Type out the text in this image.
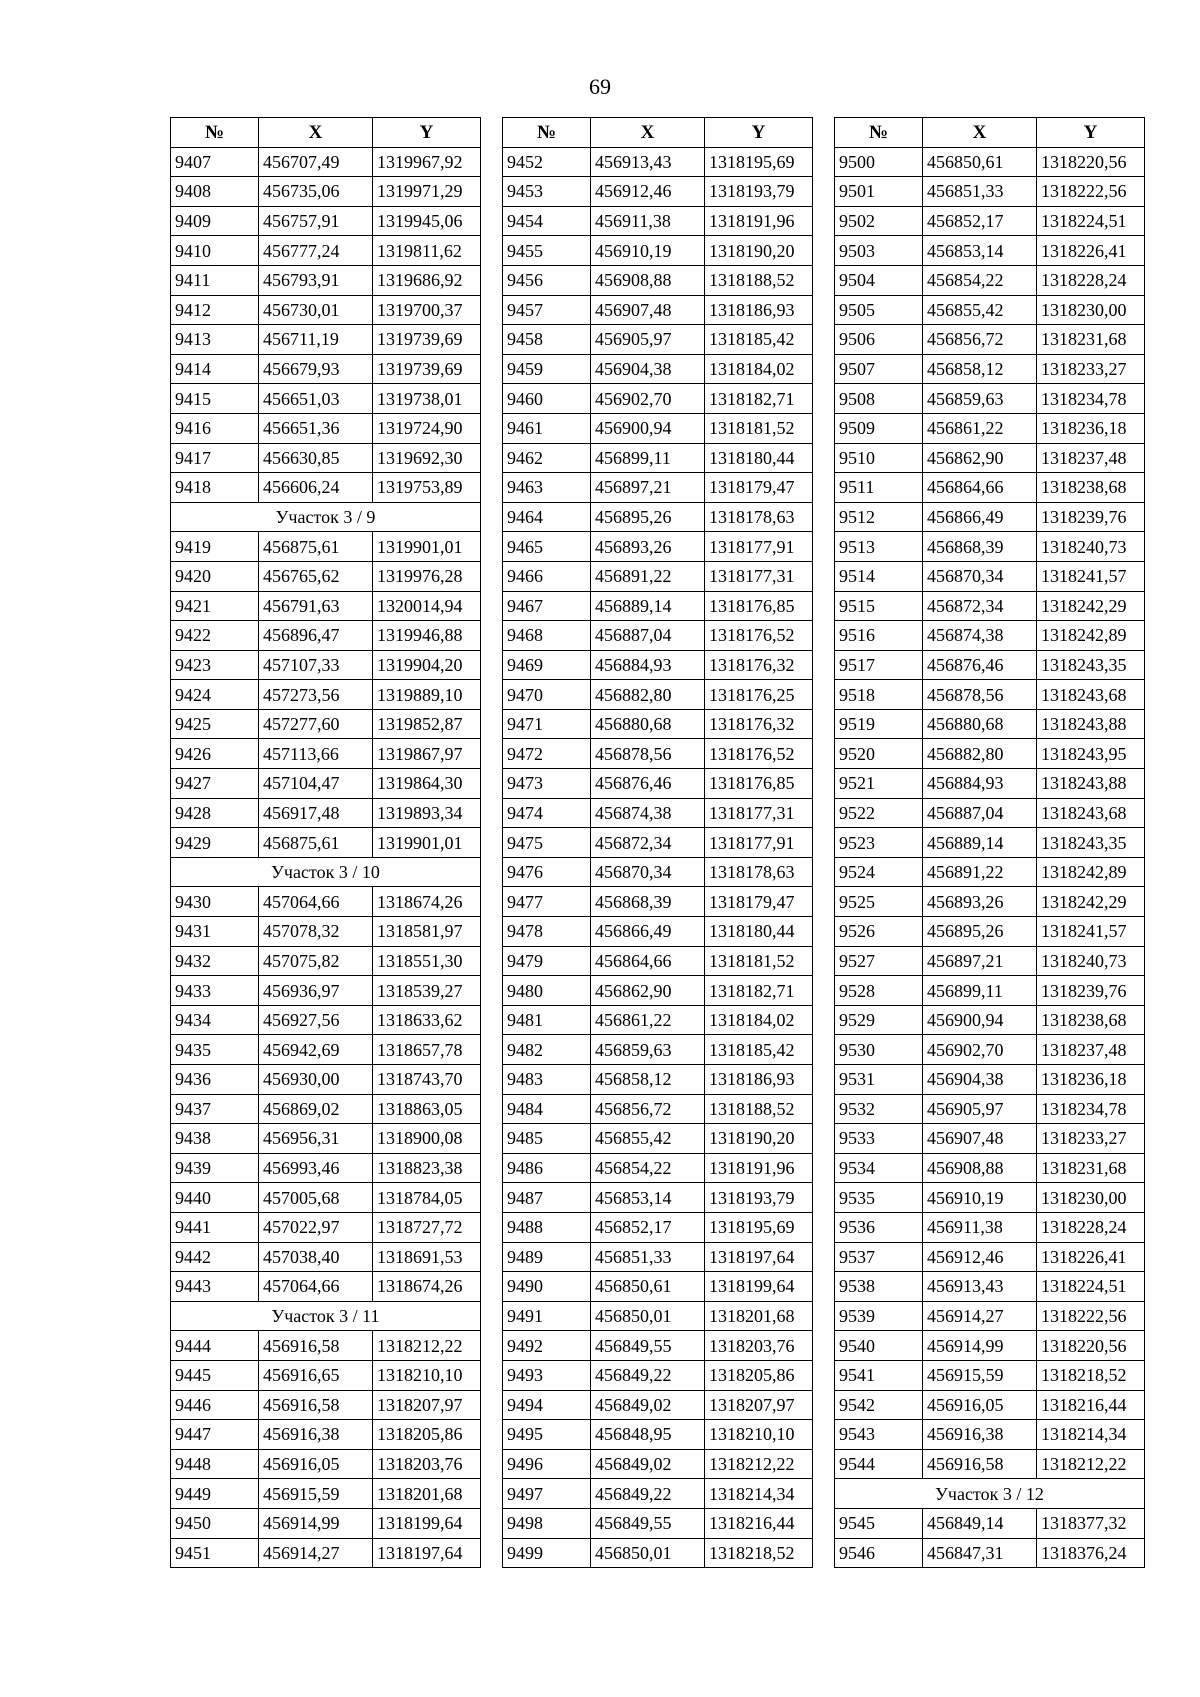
69
№	X	Y
9407	456707,49	1319967,92
9408	456735,06	1319971,29
9409	456757,91	1319945,06
9410	456777,24	1319811,62
9411	456793,91	1319686,92
9412	456730,01	1319700,37
9413	456711,19	1319739,69
9414	456679,93	1319739,69
9415	456651,03	1319738,01
9416	456651,36	1319724,90
9417	456630,85	1319692,30
9418	456606,24	1319753,89
Участок 3 / 9		
9419	456875,61	1319901,01
9420	456765,62	1319976,28
9421	456791,63	1320014,94
9422	456896,47	1319946,88
9423	457107,33	1319904,20
9424	457273,56	1319889,10
9425	457277,60	1319852,87
9426	457113,66	1319867,97
9427	457104,47	1319864,30
9428	456917,48	1319893,34
9429	456875,61	1319901,01
Участок 3 / 10		
9430	457064,66	1318674,26
9431	457078,32	1318581,97
9432	457075,82	1318551,30
9433	456936,97	1318539,27
9434	456927,56	1318633,62
9435	456942,69	1318657,78
9436	456930,00	1318743,70
9437	456869,02	1318863,05
9438	456956,31	1318900,08
9439	456993,46	1318823,38
9440	457005,68	1318784,05
9441	457022,97	1318727,72
9442	457038,40	1318691,53
9443	457064,66	1318674,26
Участок 3 / 11		
9444	456916,58	1318212,22
9445	456916,65	1318210,10
9446	456916,58	1318207,97
9447	456916,38	1318205,86
9448	456916,05	1318203,76
9449	456915,59	1318201,68
9450	456914,99	1318199,64
9451	456914,27	1318197,64
№	X	Y
9452	456913,43	1318195,69
9453	456912,46	1318193,79
9454	456911,38	1318191,96
9455	456910,19	1318190,20
9456	456908,88	1318188,52
9457	456907,48	1318186,93
9458	456905,97	1318185,42
9459	456904,38	1318184,02
9460	456902,70	1318182,71
9461	456900,94	1318181,52
9462	456899,11	1318180,44
9463	456897,21	1318179,47
9464	456895,26	1318178,63
9465	456893,26	1318177,91
9466	456891,22	1318177,31
9467	456889,14	1318176,85
9468	456887,04	1318176,52
9469	456884,93	1318176,32
9470	456882,80	1318176,25
9471	456880,68	1318176,32
9472	456878,56	1318176,52
9473	456876,46	1318176,85
9474	456874,38	1318177,31
9475	456872,34	1318177,91
9476	456870,34	1318178,63
9477	456868,39	1318179,47
9478	456866,49	1318180,44
9479	456864,66	1318181,52
9480	456862,90	1318182,71
9481	456861,22	1318184,02
9482	456859,63	1318185,42
9483	456858,12	1318186,93
9484	456856,72	1318188,52
9485	456855,42	1318190,20
9486	456854,22	1318191,96
9487	456853,14	1318193,79
9488	456852,17	1318195,69
9489	456851,33	1318197,64
9490	456850,61	1318199,64
9491	456850,01	1318201,68
9492	456849,55	1318203,76
9493	456849,22	1318205,86
9494	456849,02	1318207,97
9495	456848,95	1318210,10
9496	456849,02	1318212,22
9497	456849,22	1318214,34
9498	456849,55	1318216,44
9499	456850,01	1318218,52
№	X	Y
9500	456850,61	1318220,56
9501	456851,33	1318222,56
9502	456852,17	1318224,51
9503	456853,14	1318226,41
9504	456854,22	1318228,24
9505	456855,42	1318230,00
9506	456856,72	1318231,68
9507	456858,12	1318233,27
9508	456859,63	1318234,78
9509	456861,22	1318236,18
9510	456862,90	1318237,48
9511	456864,66	1318238,68
9512	456866,49	1318239,76
9513	456868,39	1318240,73
9514	456870,34	1318241,57
9515	456872,34	1318242,29
9516	456874,38	1318242,89
9517	456876,46	1318243,35
9518	456878,56	1318243,68
9519	456880,68	1318243,88
9520	456882,80	1318243,95
9521	456884,93	1318243,88
9522	456887,04	1318243,68
9523	456889,14	1318243,35
9524	456891,22	1318242,89
9525	456893,26	1318242,29
9526	456895,26	1318241,57
9527	456897,21	1318240,73
9528	456899,11	1318239,76
9529	456900,94	1318238,68
9530	456902,70	1318237,48
9531	456904,38	1318236,18
9532	456905,97	1318234,78
9533	456907,48	1318233,27
9534	456908,88	1318231,68
9535	456910,19	1318230,00
9536	456911,38	1318228,24
9537	456912,46	1318226,41
9538	456913,43	1318224,51
9539	456914,27	1318222,56
9540	456914,99	1318220,56
9541	456915,59	1318218,52
9542	456916,05	1318216,44
9543	456916,38	1318214,34
9544	456916,58	1318212,22
Участок 3 / 12		
9545	456849,14	1318377,32
9546	456847,31	1318376,24
